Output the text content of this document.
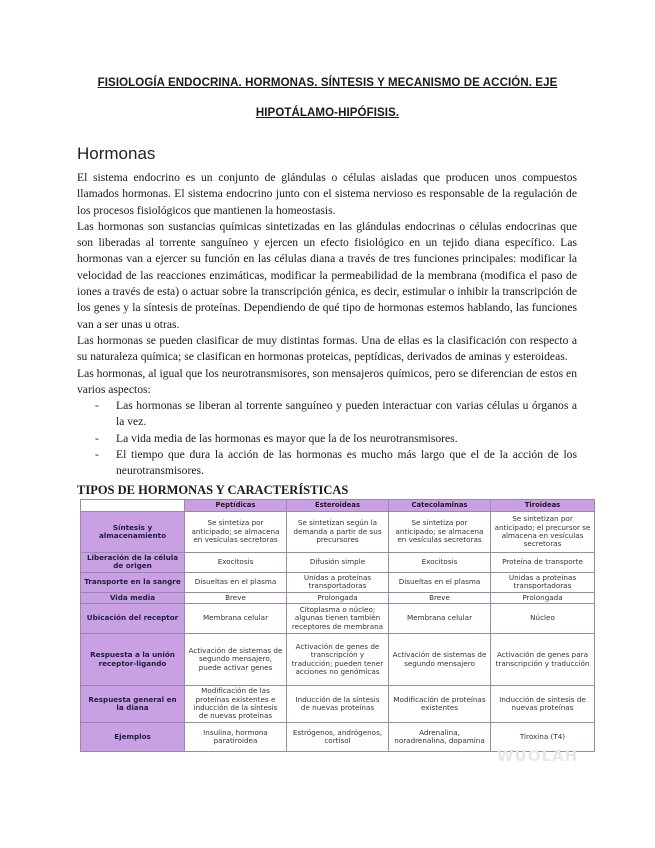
FISIOLOGÍA ENDOCRINA. HORMONAS. SÍNTESIS Y MECANISMO DE ACCIÓN. EJE
HIPOTÁLAMO-HIPÓFISIS.
Hormonas

El sistema endocrino es un conjunto de glándulas o células aisladas que producen unos compuestos llamados hormonas. El sistema endocrino junto con el sistema nervioso es responsable de la regulación de los procesos fisiológicos que mantienen la homeostasis.

Las hormonas son sustancias químicas sintetizadas en las glándulas endocrinas o células endocrinas que son liberadas al torrente sanguíneo y ejercen un efecto fisiológico en un tejido diana específico. Las hormonas van a ejercer su función en las células diana a través de tres funciones principales: modificar la velocidad de las reacciones enzimáticas, modificar la permeabilidad de la membrana (modifica el paso de iones a través de esta) o actuar sobre la transcripción génica, es decir, estimular o inhibir la transcripción de los genes y la síntesis de proteínas. Dependiendo de qué tipo de hormonas estemos hablando, las funciones van a ser unas u otras.

Las hormonas se pueden clasificar de muy distintas formas. Una de ellas es la clasificación con respecto a su naturaleza química; se clasifican en hormonas proteicas, peptídicas, derivados de aminas y esteroideas.

Las hormonas, al igual que los neurotransmisores, son mensajeros químicos, pero se diferencian de estos en varios aspectos:

- Las hormonas se liberan al torrente sanguíneo y pueden interactuar con varias células u órganos a la vez.
- La vida media de las hormonas es mayor que la de los neurotransmisores.
- El tiempo que dura la acción de las hormonas es mucho más largo que el de la acción de los neurotransmisores.
TIPOS DE HORMONAS Y CARACTERÍSTICAS
	Peptídicas	Esteroideas	Catecolaminas	Tiroideas
Síntesis y almacenamiento	Se sintetiza por anticipado; se almacena en vesículas secretoras	Se sintetizan según la demanda a partir de sus precursores	Se sintetiza por anticipado; se almacena en vesículas secretoras	Se sintetizan por anticipado; el precursor se almacena en vesículas secretoras
Liberación de la célula de origen	Exocitosis	Difusión simple	Exocitosis	Proteína de transporte
Transporte en la sangre	Disueltas en el plasma	Unidas a proteínas transportadoras	Disueltas en el plasma	Unidas a proteínas transportadoras
Vida media	Breve	Prolongada	Breve	Prolongada
Ubicación del receptor	Membrana celular	Citoplasma o núcleo; algunas tienen también receptores de membrana	Membrana celular	Núcleo
Respuesta a la unión receptor-ligando	Activación de sistemas de segundo mensajero, puede activar genes	Activación de genes de transcripción y traducción; pueden tener acciones no genómicas	Activación de sistemas de segundo mensajero	Activación de genes para transcripción y traducción
Respuesta general en la diana	Modificación de las proteínas existentes e inducción de la síntesis de nuevas proteínas	Inducción de la síntesis de nuevas proteínas	Modificación de proteínas existentes	Inducción de síntesis de nuevas proteínas
Ejemplos	Insulina, hormona paratiroidea	Estrógenos, andrógenos, cortisol	Adrenalina, noradrenalina, dopamina	Tiroxina (T4)
WUOLAH
